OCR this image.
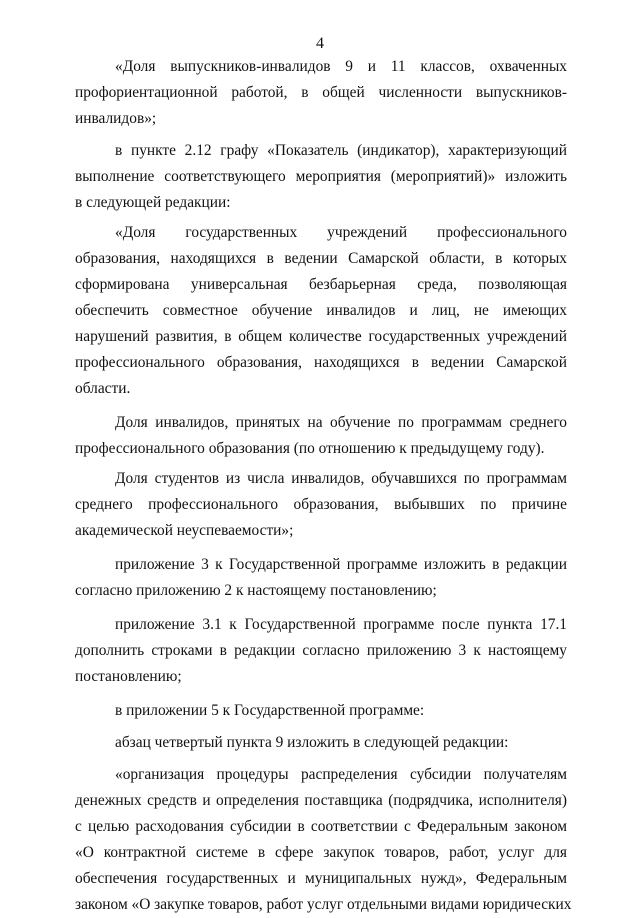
4
«Доля выпускников-инвалидов 9 и 11 классов, охваченных
профориентационной работой, в общей численности выпускников-
инвалидов»;
в пункте 2.12 графу «Показатель (индикатор), характеризующий
выполнение соответствующего мероприятия (мероприятий)» изложить
в следующей редакции:
«Доля государственных учреждений профессионального
образования, находящихся в ведении Самарской области, в которых
сформирована универсальная безбарьерная среда, позволяющая
обеспечить совместное обучение инвалидов и лиц, не имеющих
нарушений развития, в общем количестве государственных учреждений
профессионального образования, находящихся в ведении Самарской
области.
Доля инвалидов, принятых на обучение по программам среднего
профессионального образования (по отношению к предыдущему году).
Доля студентов из числа инвалидов, обучавшихся по программам
среднего профессионального образования, выбывших по причине
академической неуспеваемости»;
приложение 3 к Государственной программе изложить в редакции
согласно приложению 2 к настоящему постановлению;
приложение 3.1 к Государственной программе после пункта 17.1
дополнить строками в редакции согласно приложению 3 к настоящему
постановлению;
в приложении 5 к Государственной программе:
абзац четвертый пункта 9 изложить в следующей редакции:
«организация процедуры распределения субсидии получателям
денежных средств и определения поставщика (подрядчика, исполнителя)
с целью расходования субсидии в соответствии с Федеральным законом
«О контрактной системе в сфере закупок товаров, работ, услуг для
обеспечения государственных и муниципальных нужд», Федеральным
законом «О закупке товаров, работ услуг отдельными видами юридических
